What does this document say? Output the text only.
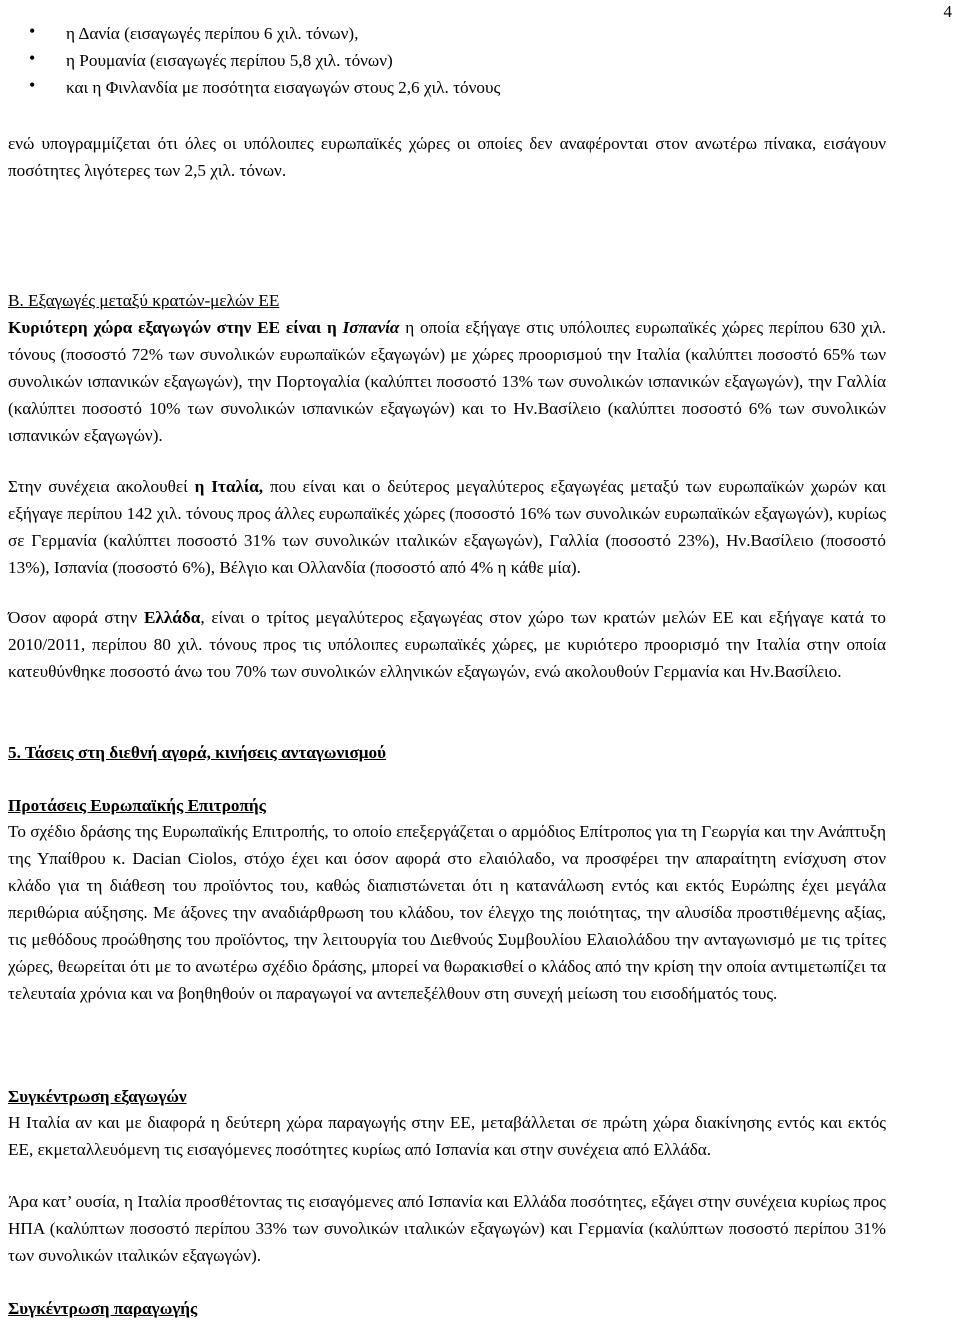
4
• η Δανία (εισαγωγές περίπου 6 χιλ. τόνων),
• η Ρουμανία (εισαγωγές περίπου 5,8 χιλ. τόνων)
• και η Φινλανδία με ποσότητα εισαγωγών στους 2,6 χιλ. τόνους

ενώ υπογραμμίζεται ότι όλες οι υπόλοιπες ευρωπαϊκές χώρες οι οποίες δεν αναφέρονται στον ανωτέρω πίνακα, εισάγουν ποσότητες λιγότερες των 2,5 χιλ. τόνων.

Β. Εξαγωγές μεταξύ κρατών-μελών ΕΕ

Κυριότερη χώρα εξαγωγών στην ΕΕ είναι η Ισπανία η οποία εξήγαγε στις υπόλοιπες ευρωπαϊκές χώρες περίπου 630 χιλ. τόνους (ποσοστό 72% των συνολικών ευρωπαϊκών εξαγωγών) με χώρες προορισμού την Ιταλία (καλύπτει ποσοστό 65% των συνολικών ισπανικών εξαγωγών), την Πορτογαλία (καλύπτει ποσοστό 13% των συνολικών ισπανικών εξαγωγών), την Γαλλία (καλύπτει ποσοστό 10% των συνολικών ισπανικών εξαγωγών) και το Ην.Βασίλειο (καλύπτει ποσοστό 6% των συνολικών ισπανικών εξαγωγών).

Στην συνέχεια ακολουθεί η Ιταλία, που είναι και ο δεύτερος μεγαλύτερος εξαγωγέας μεταξύ των ευρωπαϊκών χωρών και εξήγαγε περίπου 142 χιλ. τόνους προς άλλες ευρωπαϊκές χώρες (ποσοστό 16% των συνολικών ευρωπαϊκών εξαγωγών), κυρίως σε Γερμανία (καλύπτει ποσοστό 31% των συνολικών ιταλικών εξαγωγών), Γαλλία (ποσοστό 23%), Ην.Βασίλειο (ποσοστό 13%), Ισπανία (ποσοστό 6%), Βέλγιο και Ολλανδία (ποσοστό από 4% η κάθε μία).

Όσον αφορά στην Ελλάδα, είναι ο τρίτος μεγαλύτερος εξαγωγέας στον χώρο των κρατών μελών ΕΕ και εξήγαγε κατά το 2010/2011, περίπου 80 χιλ. τόνους προς τις υπόλοιπες ευρωπαϊκές χώρες, με κυριότερο προορισμό την Ιταλία στην οποία κατευθύνθηκε ποσοστό άνω του 70% των συνολικών ελληνικών εξαγωγών, ενώ ακολουθούν Γερμανία και Ην.Βασίλειο.

5. Τάσεις στη διεθνή αγορά, κινήσεις ανταγωνισμού

Προτάσεις Ευρωπαϊκής Επιτροπής

Το σχέδιο δράσης της Ευρωπαϊκής Επιτροπής, το οποίο επεξεργάζεται ο αρμόδιος Επίτροπος για τη Γεωργία και την Ανάπτυξη της Υπαίθρου κ. Dacian Ciolos, στόχο έχει και όσον αφορά στο ελαιόλαδο, να προσφέρει την απαραίτητη ενίσχυση στον κλάδο για τη διάθεση του προϊόντος του, καθώς διαπιστώνεται ότι η κατανάλωση εντός και εκτός Ευρώπης έχει μεγάλα περιθώρια αύξησης. Με άξονες την αναδιάρθρωση του κλάδου, τον έλεγχο της ποιότητας, την αλυσίδα προστιθέμενης αξίας, τις μεθόδους προώθησης του προϊόντος, την λειτουργία του Διεθνούς Συμβουλίου Ελαιολάδου την ανταγωνισμό με τις τρίτες χώρες, θεωρείται ότι με το ανωτέρω σχέδιο δράσης, μπορεί να θωρακισθεί ο κλάδος από την κρίση την οποία αντιμετωπίζει τα τελευταία χρόνια και να βοηθηθούν οι παραγωγοί να αντεπεξέλθουν στη συνεχή μείωση του εισοδήματός τους.

Συγκέντρωση εξαγωγών

Η Ιταλία αν και με διαφορά η δεύτερη χώρα παραγωγής στην ΕΕ, μεταβάλλεται σε πρώτη χώρα διακίνησης εντός και εκτός ΕΕ, εκμεταλλευόμενη τις εισαγόμενες ποσότητες κυρίως από Ισπανία και στην συνέχεια από Ελλάδα.

Άρα κατ’ ουσία, η Ιταλία προσθέτοντας τις εισαγόμενες από Ισπανία και Ελλάδα ποσότητες, εξάγει στην συνέχεια κυρίως προς ΗΠΑ (καλύπτων ποσοστό περίπου 33% των συνολικών ιταλικών εξαγωγών) και Γερμανία (καλύπτων ποσοστό περίπου 31% των συνολικών ιταλικών εξαγωγών).

Συγκέντρωση παραγωγής
